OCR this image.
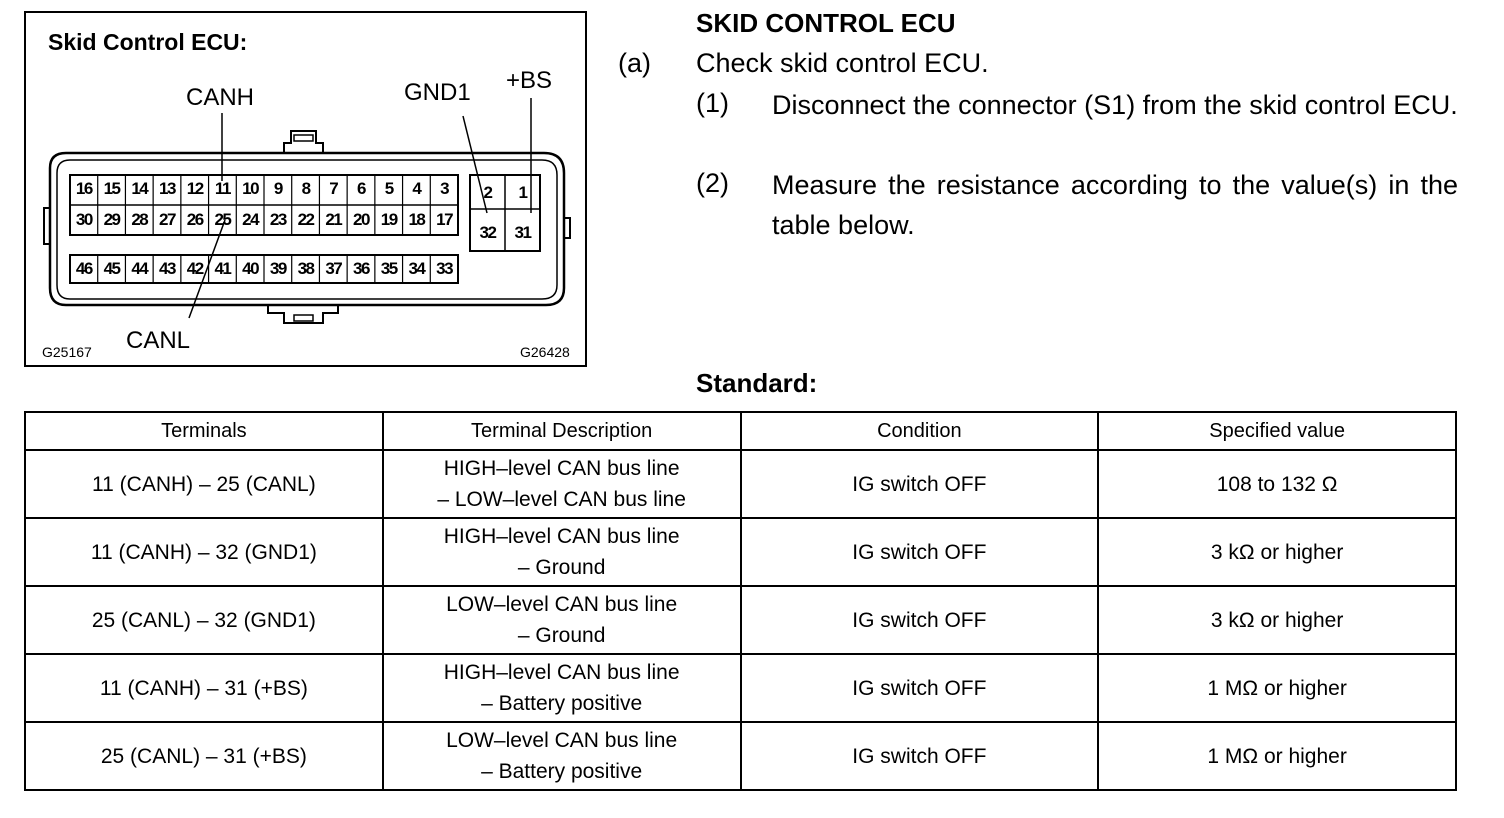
Skid Control ECU:
CANH	GND1 +BS
CANL
G25167	G26428
16 15 14 13 12 11 10 9	8	7	6	5	4	3
30 29 28 27 26 25 24 23 22 21 20 19 18 17
46 45 44 43 42 41 40 39 38 37 36 35 34 33
2	1
32	31
SKID CONTROL ECU
(a) Check skid control ECU.
(1) Disconnect the connector (S1) from the skid control ECU.
(2) Measure the resistance according to the value(s) in the table below.
Standard:
Terminals	Terminal Description	Condition	Specified value
11 (CANH) – 25 (CANL)	HIGH–level CAN bus line
– LOW–level CAN bus line	IG switch OFF	108 to 132 Ω
11 (CANH) – 32 (GND1)	HIGH–level CAN bus line
– Ground	IG switch OFF	3 kΩ or higher
25 (CANL) – 32 (GND1)	LOW–level CAN bus line
– Ground	IG switch OFF	3 kΩ or higher
11 (CANH) – 31 (+BS)	HIGH–level CAN bus line
– Battery positive	IG switch OFF	1 MΩ or higher
25 (CANL) – 31 (+BS)	LOW–level CAN bus line
– Battery positive	IG switch OFF	1 MΩ or higher
